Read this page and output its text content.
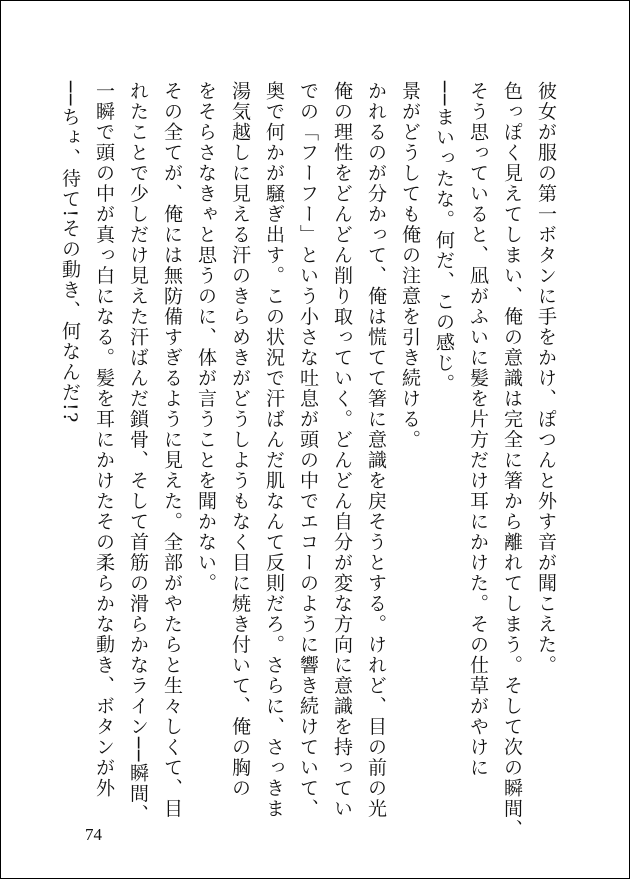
彼女が服の第一ボタンに手をかけ、ぽつんと外す音が聞こえた。

色っぽく見えてしまい、俺の意識は完全に箸から離れてしまう。そして次の瞬間、

そう思っていると、凪がふいに髪を片方だけ耳にかけた。その仕草がやけに

──まいったな。何だ、この感じ。

景がどうしても俺の注意を引き続ける。

かれるのが分かって、俺は慌てて箸に意識を戻そうとする。けれど、目の前の光

俺の理性をどんどん削り取っていく。どんどん自分が変な方向に意識を持ってい

での「フーフー」という小さな吐息が頭の中でエコーのように響き続けていて、

奥で何かが騒ぎ出す。この状況で汗ばんだ肌なんて反則だろ。さらに、さっきま

湯気越しに見える汗のきらめきがどうしようもなく目に焼き付いて、俺の胸の

をそらさなきゃと思うのに、体が言うことを聞かない。

その全てが、俺には無防備すぎるように見えた。全部がやたらと生々しくて、目

れたことで少しだけ見えた汗ばんだ鎖骨、そして首筋の滑らかなライン──瞬間、

一瞬で頭の中が真っ白になる。髪を耳にかけたその柔らかな動き、ボタンが外

──ちょ、待て!その動き、何なんだ!?

74
